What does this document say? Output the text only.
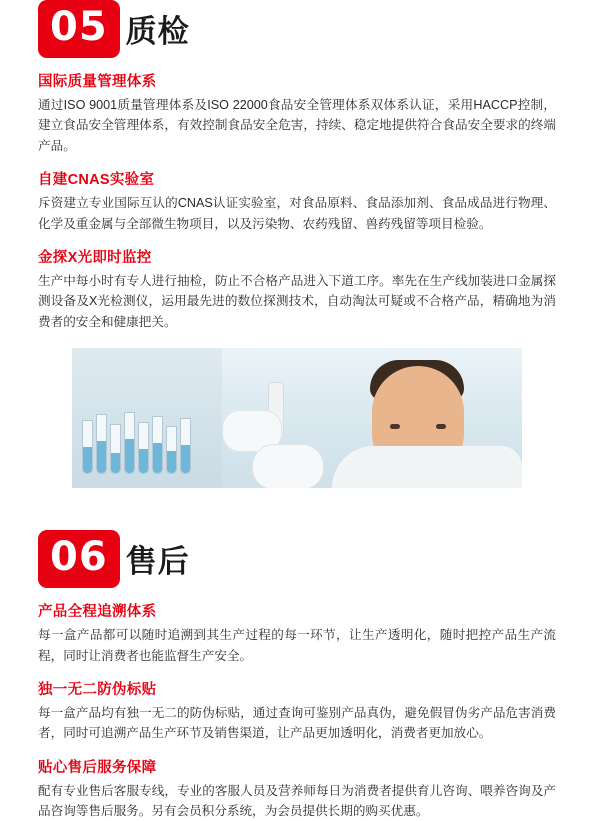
05 质检
国际质量管理体系

通过ISO 9001质量管理体系及ISO 22000食品安全管理体系双体系认证，采用HACCP控制，建立食品安全管理体系，有效控制食品安全危害，持续、稳定地提供符合食品安全要求的终端产品。

自建CNAS实验室

斥资建立专业国际互认的CNAS认证实验室，对食品原料、食品添加剂、食品成品进行物理、化学及重金属与全部微生物项目，以及污染物、农药残留、兽药残留等项目检验。

金探X光即时监控

生产中每小时有专人进行抽检，防止不合格产品进入下道工序。率先在生产线加装进口金属探测设备及X光检测仪，运用最先进的数位探测技术，自动淘汰可疑或不合格产品，精确地为消费者的安全和健康把关。

06 售后
产品全程追溯体系

每一盒产品都可以随时追溯到其生产过程的每一环节，让生产透明化，随时把控产品生产流程，同时让消费者也能监督生产安全。

独一无二防伪标贴

每一盒产品均有独一无二的防伪标贴，通过查询可鉴别产品真伪，避免假冒伪劣产品危害消费者，同时可追溯产品生产环节及销售渠道，让产品更加透明化，消费者更加放心。

贴心售后服务保障

配有专业售后客服专线，专业的客服人员及营养师每日为消费者提供育儿咨询、喂养咨询及产品咨询等售后服务。另有会员积分系统，为会员提供长期的购买优惠。
